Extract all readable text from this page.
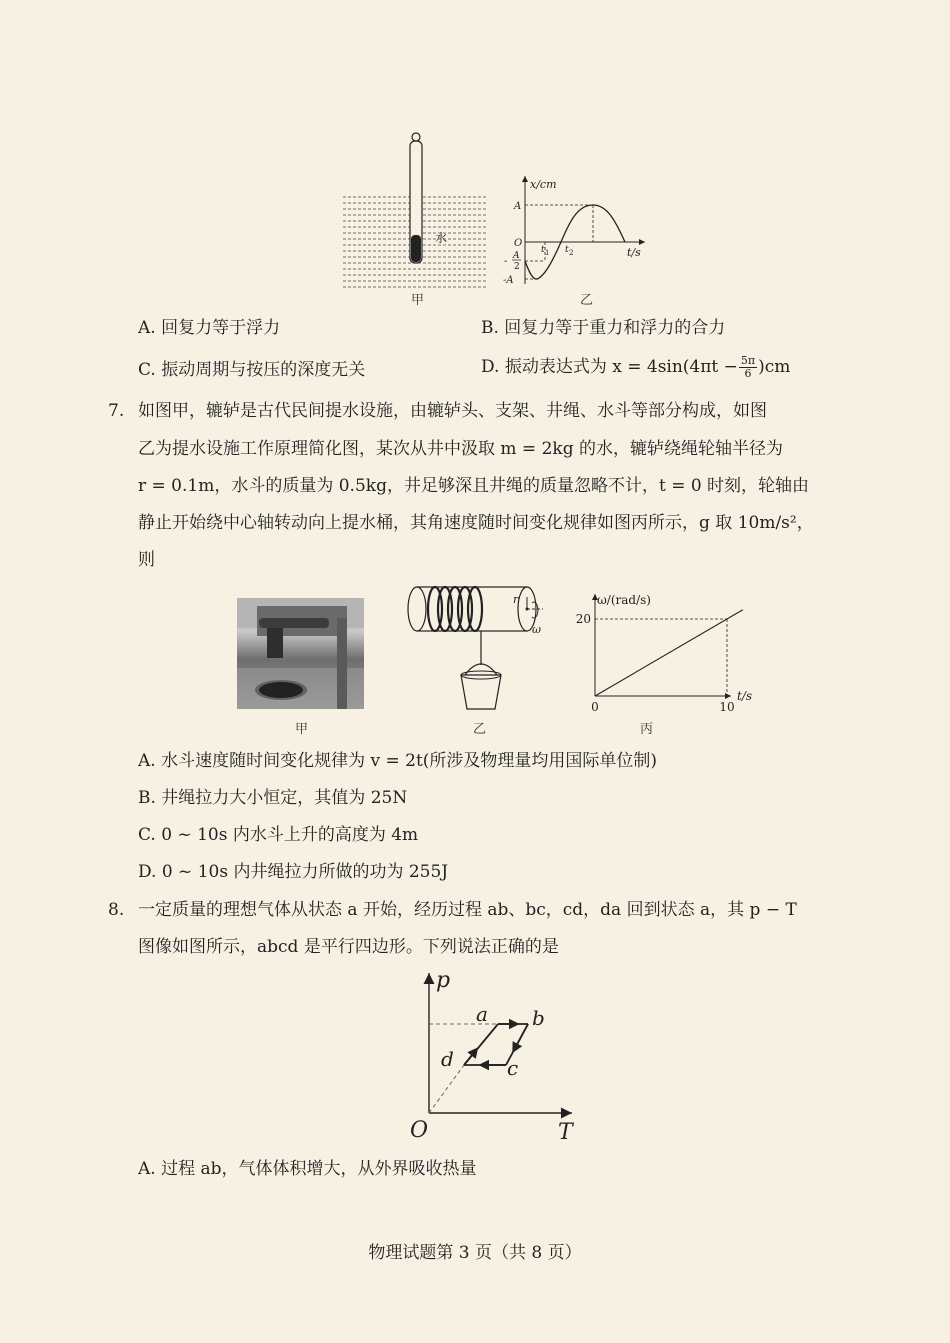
水
甲
x/cm
t/s
A
O
A
- 2
-A
t 1 t 2
乙
A. 回复力等于浮力	B. 回复力等于重力和浮力的合力
C. 振动周期与按压的深度无关	D. 振动表达式为 $x = 4\sin(4\pi t - \frac{5\pi}{6} )cm$
7. 如图甲，辘轳是古代民间提水设施，由辘轳头、支架、井绳、水斗等部分构成，如图
乙为提水设施工作原理简化图，某次从井中汲取 m = 2kg 的水，辘轳绕绳轮轴半径为
r = 0.1m，水斗的质量为 0.5kg，井足够深且井绳的质量忽略不计，t = 0 时刻，轮轴由
静止开始绕中心轴转动向上提水桶，其角速度随时间变化规律如图丙所示，g 取 10m/s²，
则
甲
r
ω
乙
ω/(rad/s)
t/s
20
0	10
丙
A. 水斗速度随时间变化规律为 v = 2t(所涉及物理量均用国际单位制)
B. 井绳拉力大小恒定，其值为 25N
C. 0 ~ 10s 内水斗上升的高度为 4m
D. 0 ~ 10s 内井绳拉力所做的功为 255J
8. 一定质量的理想气体从状态 a 开始，经历过程 ab、bc，cd，da 回到状态 a，其 p − T
图像如图所示，abcd 是平行四边形。下列说法正确的是
p
T
O
a b
c
d
A. 过程 ab，气体体积增大，从外界吸收热量
物理试题第 3 页（共 8 页）
